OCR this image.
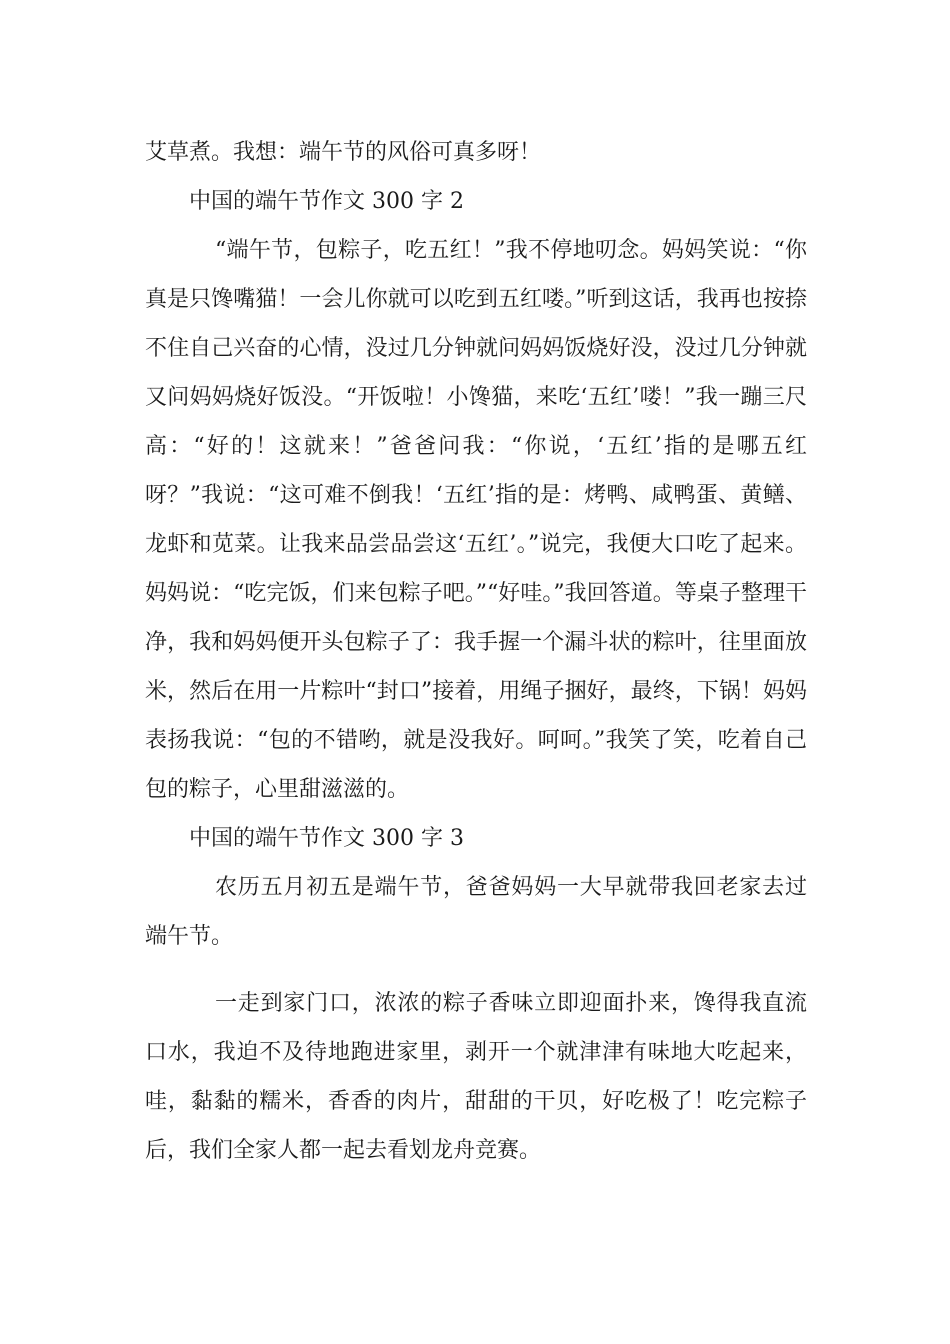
艾草煮。我想：端午节的风俗可真多呀！

中国的端午节作文 300 字 2

“端午节，包粽子，吃五红！”我不停地叨念。妈妈笑说：“你真是只馋嘴猫！一会儿你就可以吃到五红喽。”听到这话，我再也按捺不住自己兴奋的心情，没过几分钟就问妈妈饭烧好没，没过几分钟就又问妈妈烧好饭没。“开饭啦！小馋猫，来吃‘五红’喽！”我一蹦三尺高：“好的！这就来！”爸爸问我：“你说，‘五红’指的是哪五红呀？”我说：“这可难不倒我！‘五红’指的是：烤鸭、咸鸭蛋、黄鳝、龙虾和苋菜。让我来品尝品尝这‘五红’。”说完，我便大口吃了起来。妈妈说：“吃完饭，们来包粽子吧。”“好哇。”我回答道。等桌子整理干净，我和妈妈便开头包粽子了：我手握一个漏斗状的粽叶，往里面放米，然后在用一片粽叶“封口”接着，用绳子捆好，最终，下锅！妈妈表扬我说：“包的不错哟，就是没我好。呵呵。”我笑了笑，吃着自己包的粽子，心里甜滋滋的。

中国的端午节作文 300 字 3

农历五月初五是端午节，爸爸妈妈一大早就带我回老家去过端午节。

一走到家门口，浓浓的粽子香味立即迎面扑来，馋得我直流口水，我迫不及待地跑进家里，剥开一个就津津有味地大吃起来，哇，黏黏的糯米，香香的肉片，甜甜的干贝，好吃极了！吃完粽子后，我们全家人都一起去看划龙舟竞赛。
